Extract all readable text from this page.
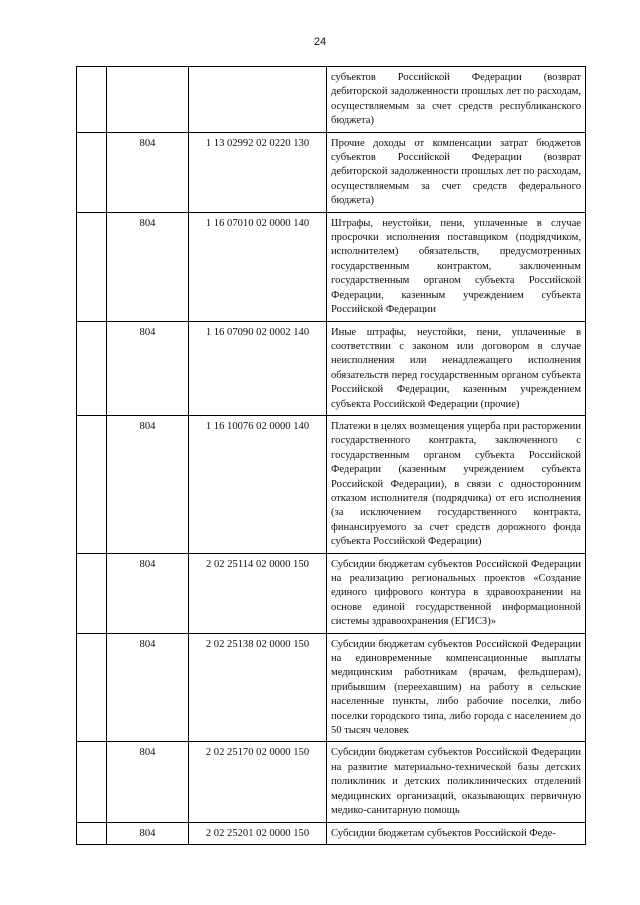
24
			субъектов Российской Федерации (возврат дебиторской задолженности прошлых лет по расходам, осуществляемым за счет средств республиканского бюджета)
	804	1 13 02992 02 0220 130	Прочие доходы от компенсации затрат бюджетов субъектов Российской Федерации (возврат дебиторской задолженности прошлых лет по расходам, осуществляемым за счет средств федерального бюджета)
	804	1 16 07010 02 0000 140	Штрафы, неустойки, пени, уплаченные в случае просрочки исполнения поставщиком (подрядчиком, исполнителем) обязательств, предусмотренных государственным контрактом, заключенным государственным органом субъекта Российской Федерации, казенным учреждением субъекта Российской Федерации
	804	1 16 07090 02 0002 140	Иные штрафы, неустойки, пени, уплаченные в соответствии с законом или договором в случае неисполнения или ненадлежащего исполнения обязательств перед государственным органом субъекта Российской Федерации, казенным учреждением субъекта Российской Федерации (прочие)
	804	1 16 10076 02 0000 140	Платежи в целях возмещения ущерба при расторжении государственного контракта, заключенного с государственным органом субъекта Российской Федерации (казенным учреждением субъекта Российской Федерации), в связи с односторонним отказом исполнителя (подрядчика) от его исполнения (за исключением государственного контракта, финансируемого за счет средств дорожного фонда субъекта Российской Федерации)
	804	2 02 25114 02 0000 150	Субсидии бюджетам субъектов Российской Федерации на реализацию региональных проектов «Создание единого цифрового контура в здравоохранении на основе единой государственной информационной системы здравоохранения (ЕГИСЗ)»
	804	2 02 25138 02 0000 150	Субсидии бюджетам субъектов Российской Федерации на единовременные компенсационные выплаты медицинским работникам (врачам, фельдшерам), прибывшим (переехавшим) на работу в сельские населенные пункты, либо рабочие поселки, либо поселки городского типа, либо города с населением до 50 тысяч человек
	804	2 02 25170 02 0000 150	Субсидии бюджетам субъектов Российской Федерации на развитие материально-технической базы детских поликлиник и детских поликлинических отделений медицинских организаций, оказывающих первичную медико-санитарную помощь
	804	2 02 25201 02 0000 150	Субсидии бюджетам субъектов Российской Феде-
